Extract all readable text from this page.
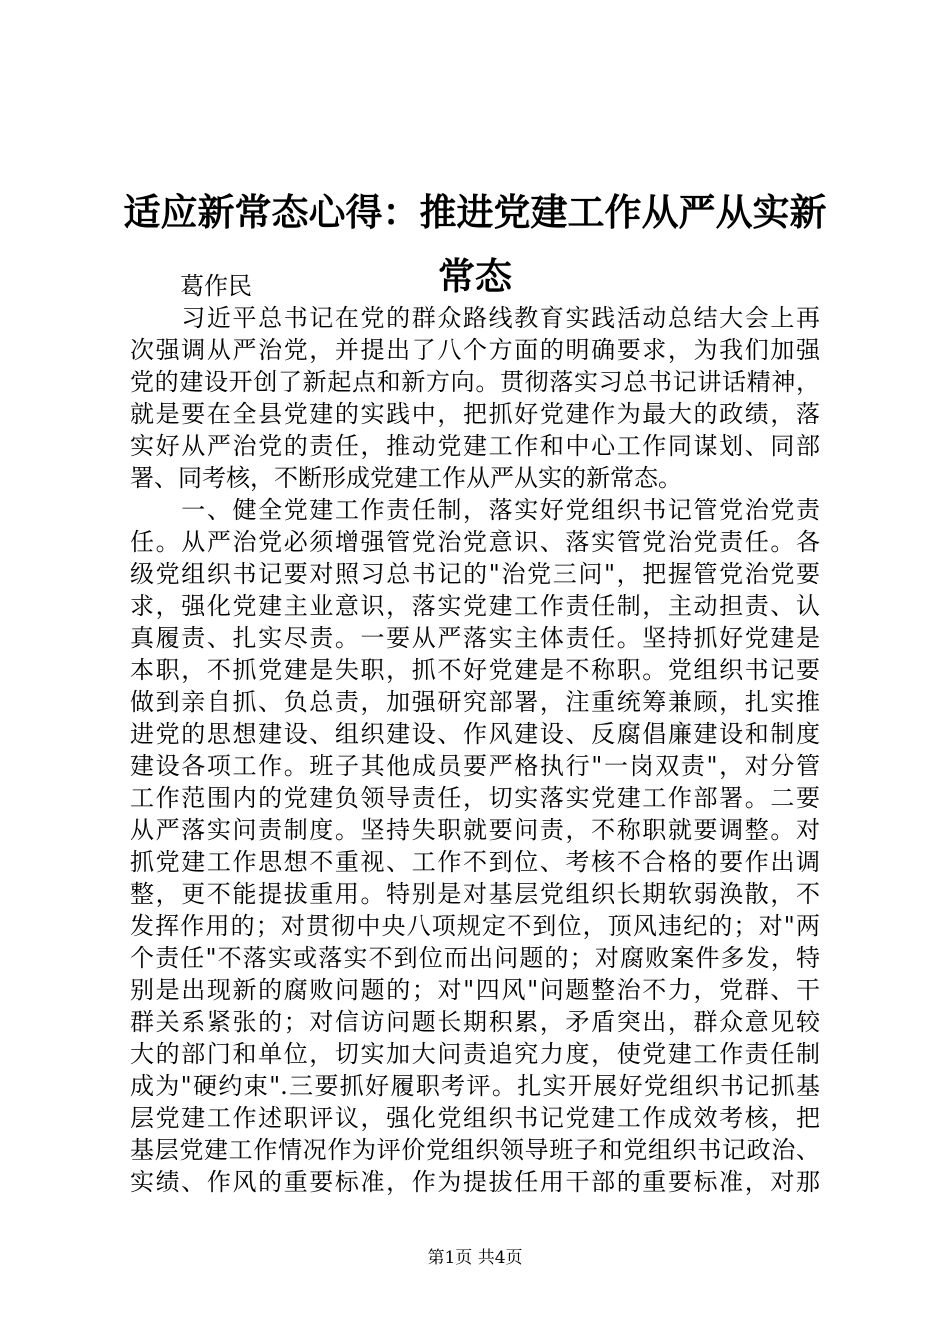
适应新常态心得：推进党建工作从严从实新常态
葛作民
　　习近平总书记在党的群众路线教育实践活动总结大会上再
次强调从严治党，并提出了八个方面的明确要求，为我们加强
党的建设开创了新起点和新方向。贯彻落实习总书记讲话精神，
就是要在全县党建的实践中，把抓好党建作为最大的政绩，落
实好从严治党的责任，推动党建工作和中心工作同谋划、同部
署、同考核，不断形成党建工作从严从实的新常态。
　　一、健全党建工作责任制，落实好党组织书记管党治党责
任。从严治党必须增强管党治党意识、落实管党治党责任。各
级党组织书记要对照习总书记的"治党三问"，把握管党治党要
求，强化党建主业意识，落实党建工作责任制，主动担责、认
真履责、扎实尽责。一要从严落实主体责任。坚持抓好党建是
本职，不抓党建是失职，抓不好党建是不称职。党组织书记要
做到亲自抓、负总责，加强研究部署，注重统筹兼顾，扎实推
进党的思想建设、组织建设、作风建设、反腐倡廉建设和制度
建设各项工作。班子其他成员要严格执行"一岗双责"，对分管
工作范围内的党建负领导责任，切实落实党建工作部署。二要
从严落实问责制度。坚持失职就要问责，不称职就要调整。对
抓党建工作思想不重视、工作不到位、考核不合格的要作出调
整，更不能提拔重用。特别是对基层党组织长期软弱涣散，不
发挥作用的；对贯彻中央八项规定不到位，顶风违纪的；对"两
个责任"不落实或落实不到位而出问题的；对腐败案件多发，特
别是出现新的腐败问题的；对"四风"问题整治不力，党群、干
群关系紧张的；对信访问题长期积累，矛盾突出，群众意见较
大的部门和单位，切实加大问责追究力度，使党建工作责任制
成为"硬约束".三要抓好履职考评。扎实开展好党组织书记抓基
层党建工作述职评议，强化党组织书记党建工作成效考核，把
基层党建工作情况作为评价党组织领导班子和党组织书记政治、
实绩、作风的重要标准，作为提拔任用干部的重要标准，对那
第1页 共4页
